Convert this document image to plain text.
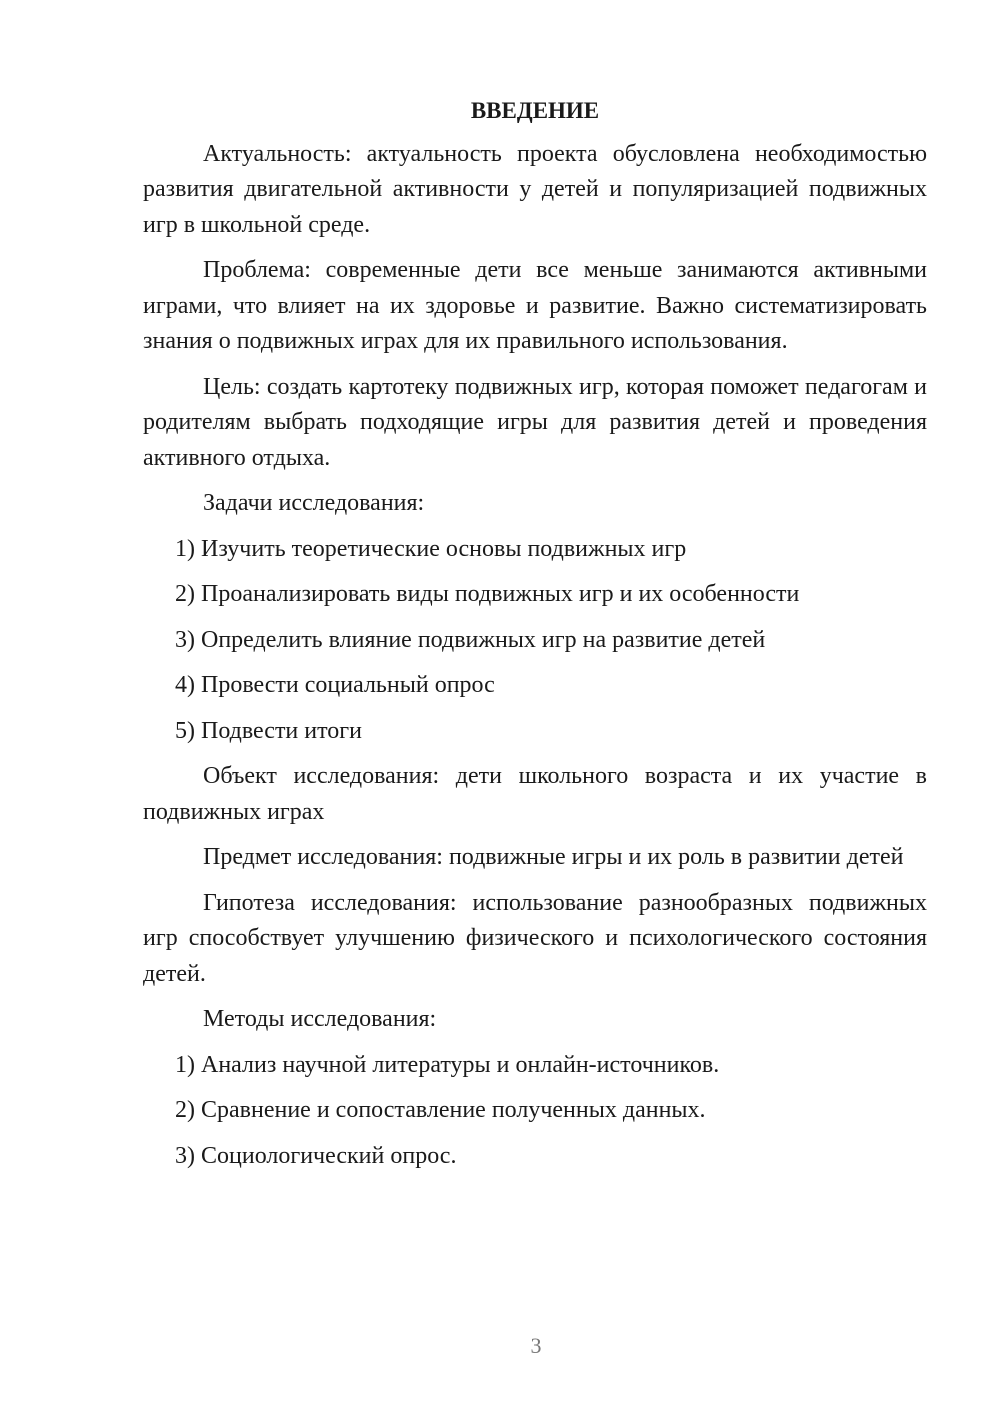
ВВЕДЕНИЕ

Актуальность: актуальность проекта обусловлена необходимостью развития двигательной активности у детей и популяризацией подвижных игр в школьной среде.

Проблема: современные дети все меньше занимаются активными играми, что влияет на их здоровье и развитие. Важно систематизировать знания о подвижных играх для их правильного использования.

Цель: создать картотеку подвижных игр, которая поможет педагогам и родителям выбрать подходящие игры для развития детей и проведения активного отдыха.

Задачи исследования:
1) Изучить теоретические основы подвижных игр
2) Проанализировать виды подвижных игр и их особенности
3) Определить влияние подвижных игр на развитие детей
4) Провести социальный опрос
5) Подвести итоги

Объект исследования: дети школьного возраста и их участие в подвижных играх

Предмет исследования: подвижные игры и их роль в развитии детей

Гипотеза исследования: использование разнообразных подвижных игр способствует улучшению физического и психологического состояния детей.

Методы исследования:
1) Анализ научной литературы и онлайн-источников.
2) Сравнение и сопоставление полученных данных.
3) Социологический опрос.
3
